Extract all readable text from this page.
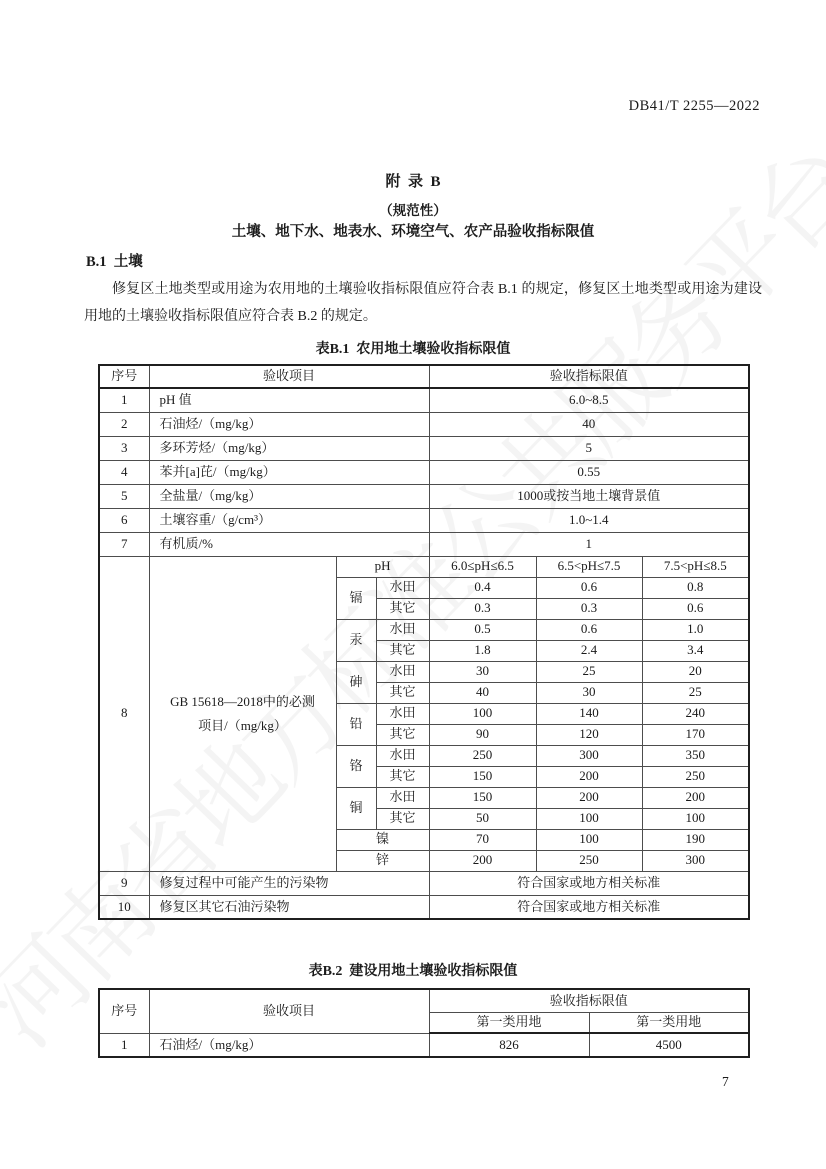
DB41/T 2255—2022
附  录  B
（规范性）
土壤、地下水、地表水、环境空气、农产品验收指标限值
B.1  土壤
修复区土地类型或用途为农用地的土壤验收指标限值应符合表 B.1 的规定，修复区土地类型或用途为建设用地的土壤验收指标限值应符合表 B.2 的规定。
表B.1  农用地土壤验收指标限值
序号	验收项目			验收指标限值		
1	pH 值			6.0~8.5		
2	石油烃/（mg/kg）			40		
3	多环芳烃/（mg/kg）			5		
4	苯并[a]芘/（mg/kg）			0.55		
5	全盐量/（mg/kg）			1000或按当地土壤背景值		
6	土壤容重/（g/cm³）			1.0~1.4		
7	有机质/%			1		
8	GB 15618—2018中的必测
项目/（mg/kg）	pH		6.0≤pH≤6.5	6.5<pH≤7.5	7.5<pH≤8.5
		镉	水田	0.4	0.6	0.8
			其它	0.3	0.3	0.6
		汞	水田	0.5	0.6	1.0
			其它	1.8	2.4	3.4
		砷	水田	30	25	20
			其它	40	30	25
		铅	水田	100	140	240
			其它	90	120	170
		铬	水田	250	300	350
			其它	150	200	250
		铜	水田	150	200	200
			其它	50	100	100
		镍		70	100	190
		锌		200	250	300
9	修复过程中可能产生的污染物			符合国家或地方相关标准		
10	修复区其它石油污染物			符合国家或地方相关标准		
表B.2  建设用地土壤验收指标限值
序号	验收项目	验收指标限值	
		第一类用地	第一类用地
1	石油烃/（mg/kg）	826	4500
7
